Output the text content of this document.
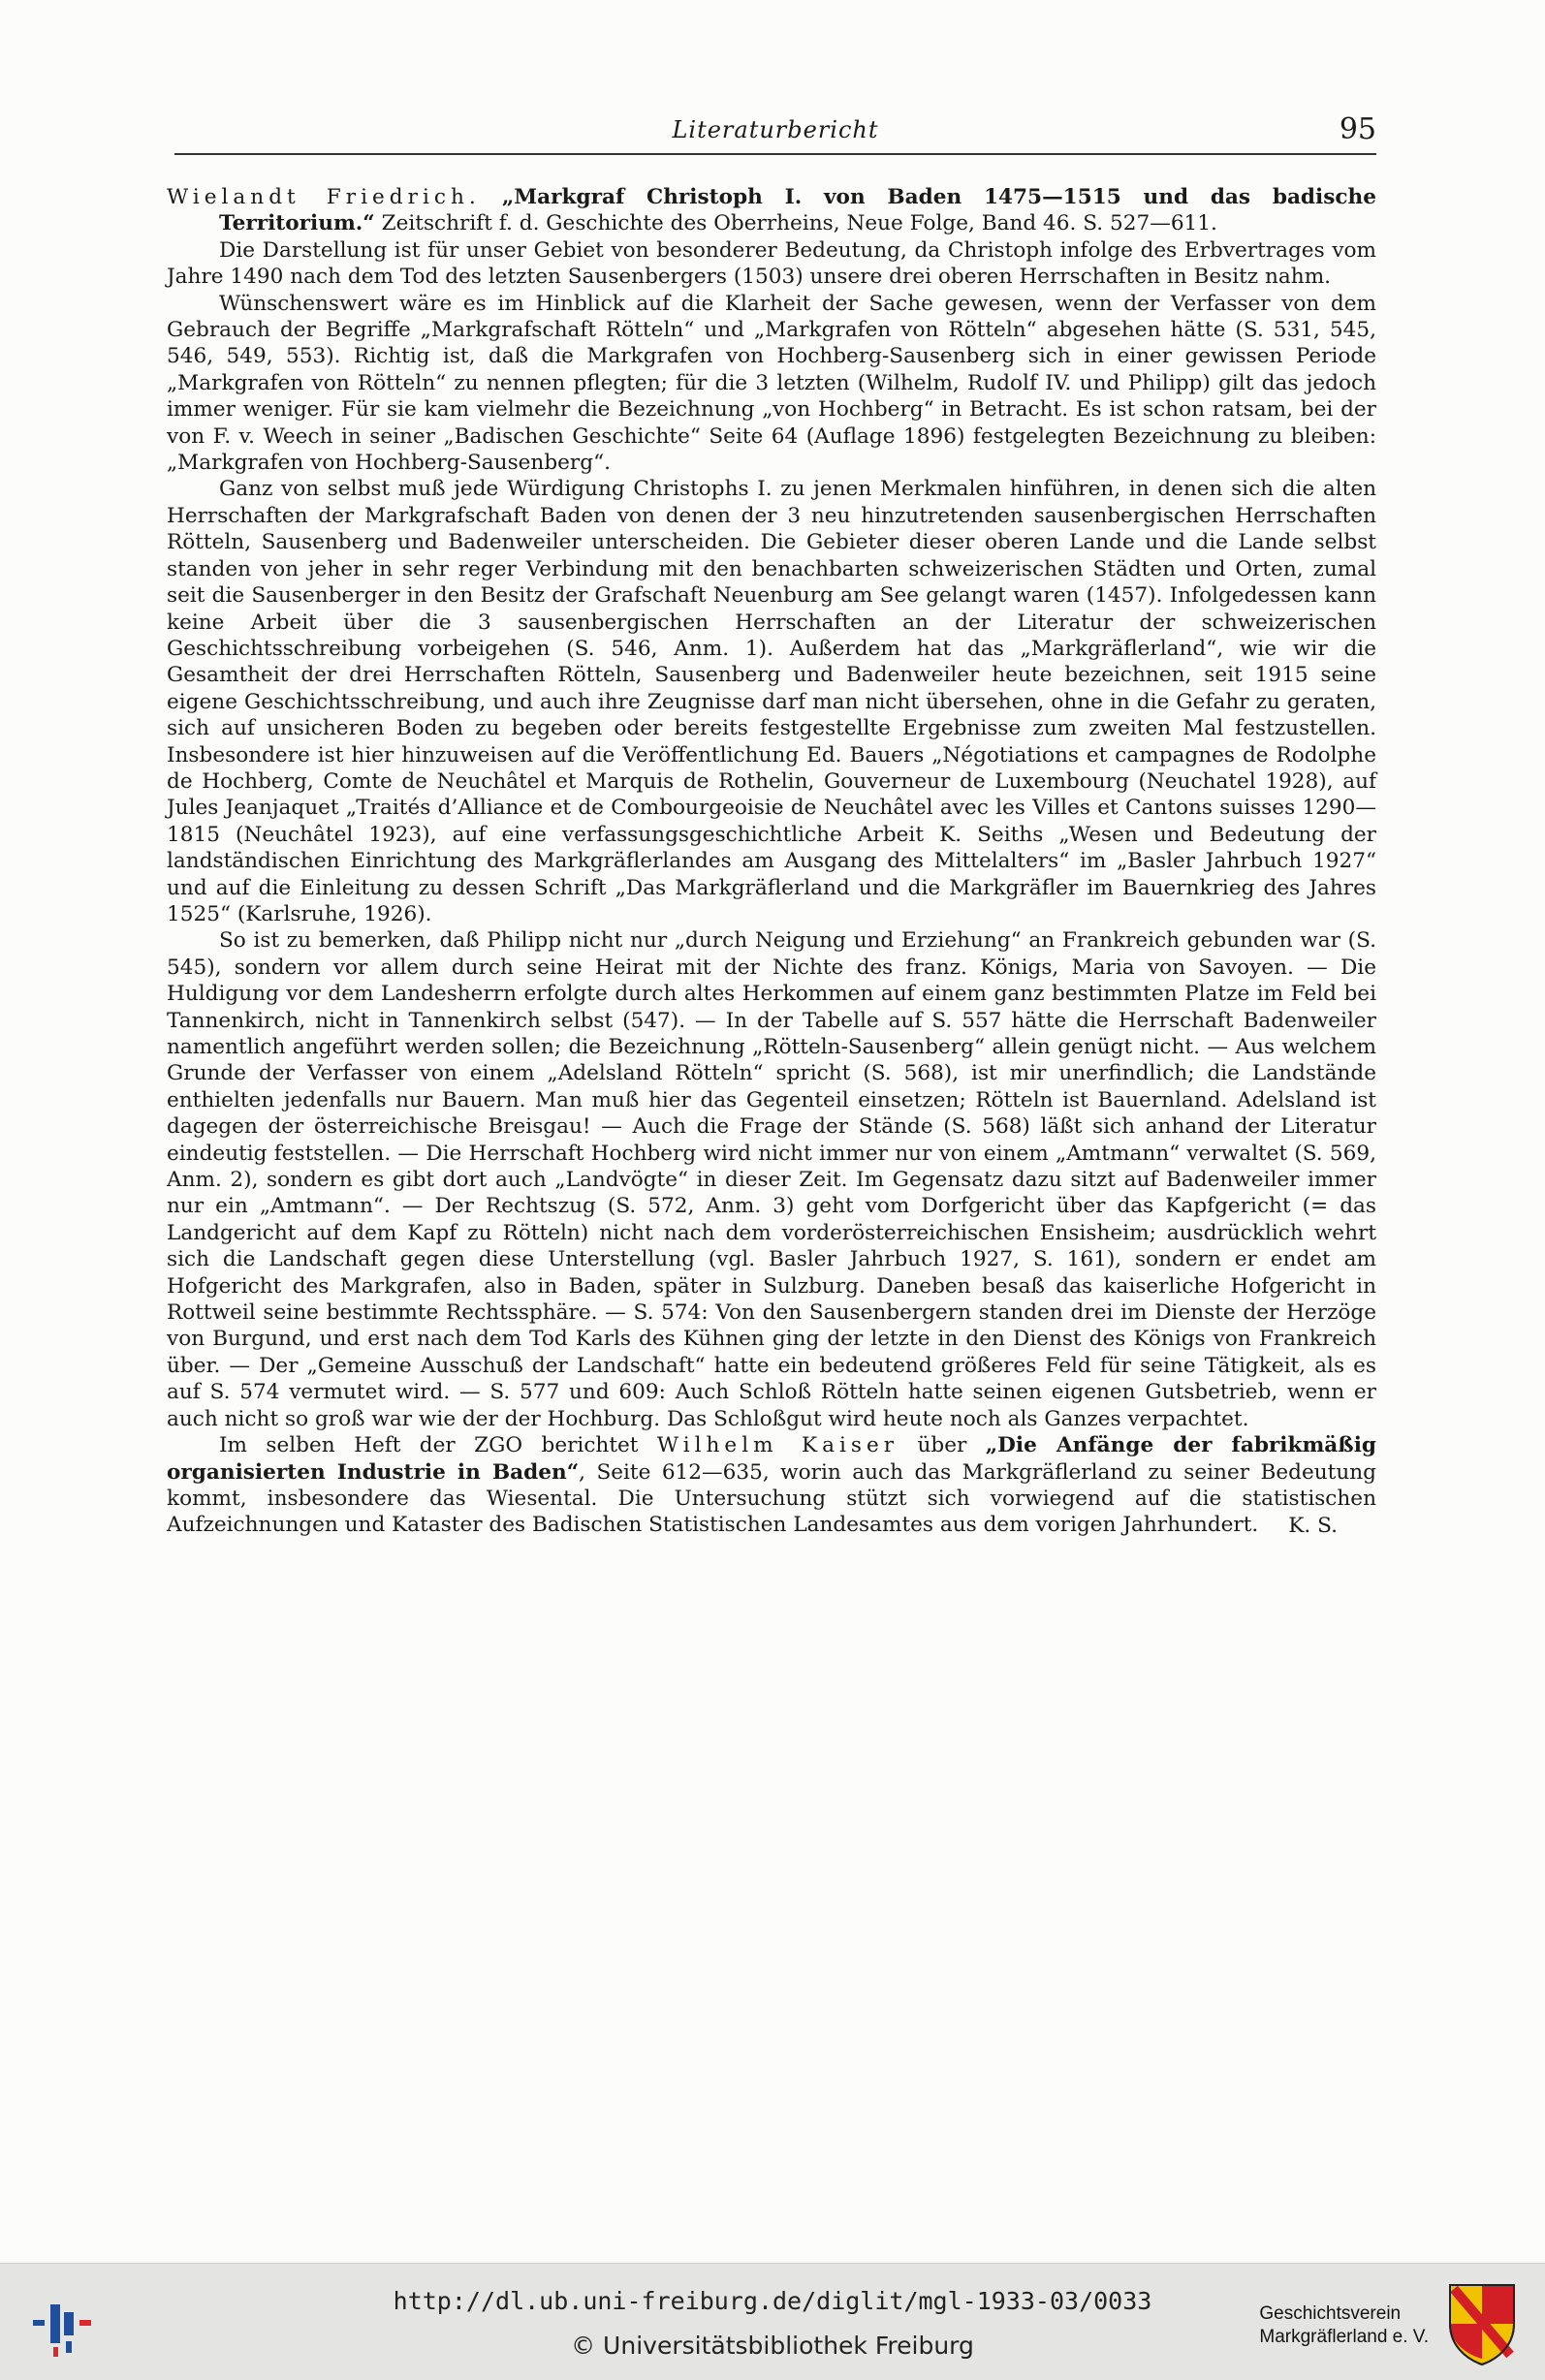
Literaturbericht	95

Wielandt Friedrich. „Markgraf Christoph I. von Baden 1475—1515 und das badische Territorium.“ Zeitschrift f. d. Geschichte des Oberrheins, Neue Folge, Band 46. S. 527—611.

Die Darstellung ist für unser Gebiet von besonderer Bedeutung, da Christoph infolge des Erbvertrages vom Jahre 1490 nach dem Tod des letzten Sausenbergers (1503) unsere drei oberen Herrschaften in Besitz nahm.

Wünschenswert wäre es im Hinblick auf die Klarheit der Sache gewesen, wenn der Verfasser von dem Gebrauch der Begriffe „Markgrafschaft Rötteln“ und „Markgrafen von Rötteln“ abgesehen hätte (S. 531, 545, 546, 549, 553). Richtig ist, daß die Markgrafen von Hochberg-Sausenberg sich in einer gewissen Periode „Markgrafen von Rötteln“ zu nennen pflegten; für die 3 letzten (Wilhelm, Rudolf IV. und Philipp) gilt das jedoch immer weniger. Für sie kam vielmehr die Bezeichnung „von Hochberg“ in Betracht. Es ist schon ratsam, bei der von F. v. Weech in seiner „Badischen Geschichte“ Seite 64 (Auflage 1896) festgelegten Bezeichnung zu bleiben: „Markgrafen von Hochberg-Sausenberg“.

Ganz von selbst muß jede Würdigung Christophs I. zu jenen Merkmalen hinführen, in denen sich die alten Herrschaften der Markgrafschaft Baden von denen der 3 neu hinzutretenden sausenbergischen Herrschaften Rötteln, Sausenberg und Badenweiler unterscheiden. Die Gebieter dieser oberen Lande und die Lande selbst standen von jeher in sehr reger Verbindung mit den benachbarten schweizerischen Städten und Orten, zumal seit die Sausenberger in den Besitz der Grafschaft Neuenburg am See gelangt waren (1457). Infolgedessen kann keine Arbeit über die 3 sausenbergischen Herrschaften an der Literatur der schweizerischen Geschichtsschreibung vorbeigehen (S. 546, Anm. 1). Außerdem hat das „Markgräflerland“, wie wir die Gesamtheit der drei Herrschaften Rötteln, Sausenberg und Badenweiler heute bezeichnen, seit 1915 seine eigene Geschichtsschreibung, und auch ihre Zeugnisse darf man nicht übersehen, ohne in die Gefahr zu geraten, sich auf unsicheren Boden zu begeben oder bereits festgestellte Ergebnisse zum zweiten Mal festzustellen. Insbesondere ist hier hinzuweisen auf die Veröffentlichung Ed. Bauers „Négotiations et campagnes de Rodolphe de Hochberg, Comte de Neuchâtel et Marquis de Rothelin, Gouverneur de Luxembourg (Neuchatel 1928), auf Jules Jeanjaquet „Traités d’Alliance et de Combourgeoisie de Neuchâtel avec les Villes et Cantons suisses 1290—1815 (Neuchâtel 1923), auf eine verfassungsgeschichtliche Arbeit K. Seiths „Wesen und Bedeutung der landständischen Einrichtung des Markgräflerlandes am Ausgang des Mittelalters“ im „Basler Jahrbuch 1927“ und auf die Einleitung zu dessen Schrift „Das Markgräflerland und die Markgräfler im Bauernkrieg des Jahres 1525“ (Karlsruhe, 1926).

So ist zu bemerken, daß Philipp nicht nur „durch Neigung und Erziehung“ an Frankreich gebunden war (S. 545), sondern vor allem durch seine Heirat mit der Nichte des franz. Königs, Maria von Savoyen. — Die Huldigung vor dem Landesherrn erfolgte durch altes Herkommen auf einem ganz bestimmten Platze im Feld bei Tannenkirch, nicht in Tannenkirch selbst (547). — In der Tabelle auf S. 557 hätte die Herrschaft Badenweiler namentlich angeführt werden sollen; die Bezeichnung „Rötteln-Sausenberg“ allein genügt nicht. — Aus welchem Grunde der Verfasser von einem „Adelsland Rötteln“ spricht (S. 568), ist mir unerfindlich; die Landstände enthielten jedenfalls nur Bauern. Man muß hier das Gegenteil einsetzen; Rötteln ist Bauernland. Adelsland ist dagegen der österreichische Breisgau! — Auch die Frage der Stände (S. 568) läßt sich anhand der Literatur eindeutig feststellen. — Die Herrschaft Hochberg wird nicht immer nur von einem „Amtmann“ verwaltet (S. 569, Anm. 2), sondern es gibt dort auch „Landvögte“ in dieser Zeit. Im Gegensatz dazu sitzt auf Badenweiler immer nur ein „Amtmann“. — Der Rechtszug (S. 572, Anm. 3) geht vom Dorfgericht über das Kapfgericht (= das Landgericht auf dem Kapf zu Rötteln) nicht nach dem vorderösterreichischen Ensisheim; ausdrücklich wehrt sich die Landschaft gegen diese Unterstellung (vgl. Basler Jahrbuch 1927, S. 161), sondern er endet am Hofgericht des Markgrafen, also in Baden, später in Sulzburg. Daneben besaß das kaiserliche Hofgericht in Rottweil seine bestimmte Rechtssphäre. — S. 574: Von den Sausenbergern standen drei im Dienste der Herzöge von Burgund, und erst nach dem Tod Karls des Kühnen ging der letzte in den Dienst des Königs von Frankreich über. — Der „Gemeine Ausschuß der Landschaft“ hatte ein bedeutend größeres Feld für seine Tätigkeit, als es auf S. 574 vermutet wird. — S. 577 und 609: Auch Schloß Rötteln hatte seinen eigenen Gutsbetrieb, wenn er auch nicht so groß war wie der der Hochburg. Das Schloßgut wird heute noch als Ganzes verpachtet.

Im selben Heft der ZGO berichtet Wilhelm Kaiser über „Die Anfänge der fabrikmäßig organisierten Industrie in Baden“, Seite 612—635, worin auch das Markgräflerland zu seiner Bedeutung kommt, insbesondere das Wiesental. Die Untersuchung stützt sich vorwiegend auf die statistischen Aufzeichnungen und Kataster des Badischen Statistischen Landesamtes aus dem vorigen Jahrhundert.	K. S.
http://dl.ub.uni-freiburg.de/diglit/mgl-1933-03/0033
© Universitätsbibliothek Freiburg
Geschichtsverein
Markgräflerland e. V.
